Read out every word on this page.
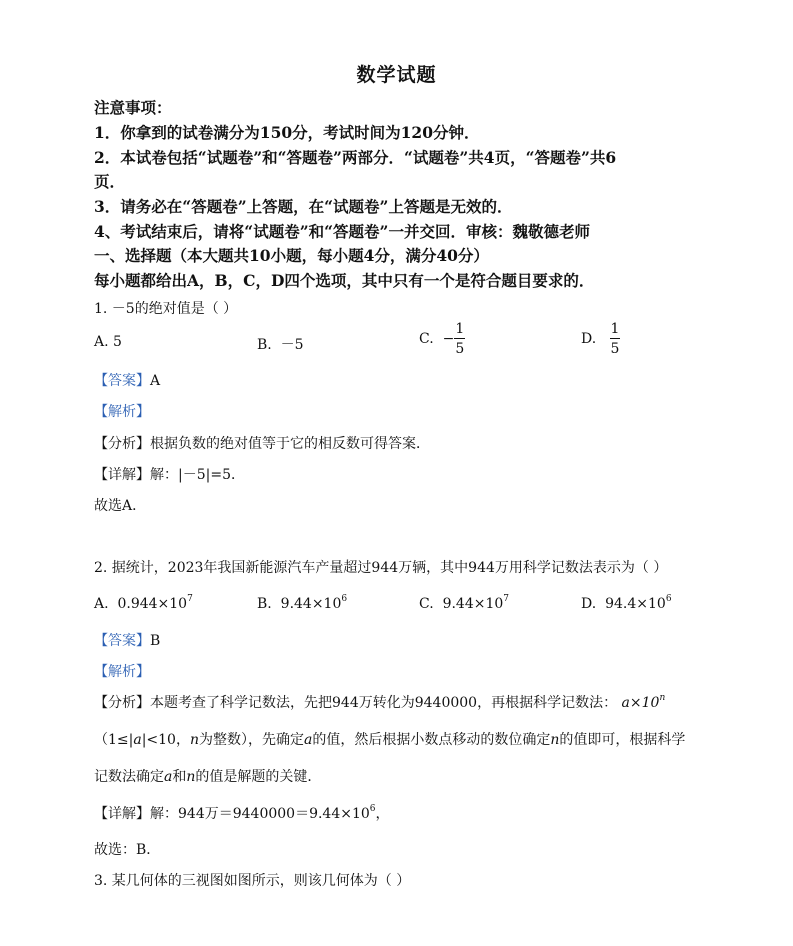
数学试题
注意事项：
1．你拿到的试卷满分为150分，考试时间为120分钟．
2．本试卷包括“试题卷”和“答题卷”两部分．“试题卷”共4页，“答题卷”共6
页．
3．请务必在“答题卷”上答题，在“试题卷”上答题是无效的．
4、考试结束后，请将“试题卷”和“答题卷”一并交回．审核：魏敬德老师
一、选择题（本大题共10小题，每小题4分，满分40分）
每小题都给出A，B，C，D四个选项，其中只有一个是符合题目要求的．
1. －5的绝对值是（ ）
A. 5	B. －5	C. − $\frac{1}{5}$	D. $\frac{1}{5}$
【答案】A
【解析】
【分析】根据负数的绝对值等于它的相反数可得答案．
【详解】解：|－5|=5．
故选A．
2. 据统计，2023年我国新能源汽车产量超过944万辆，其中944万用科学记数法表示为（ ）
A. $0.944\times 10^7$	B. $9.44\times 10^6$	C. $9.44\times 10^7$	D. $94.4\times 10^6$
【答案】B
【解析】
【分析】本题考查了科学记数法，先把944万转化为9440000，再根据科学记数法： $a\times 10^n$
（1≤|a|<10，n为整数），先确定a的值，然后根据小数点移动的数位确定n的值即可，根据科学
记数法确定a和n的值是解题的关键．
【详解】解：944万$=9440000=9.44\times 10^6$，
故选：B．
3. 某几何体的三视图如图所示，则该几何体为（ ）
